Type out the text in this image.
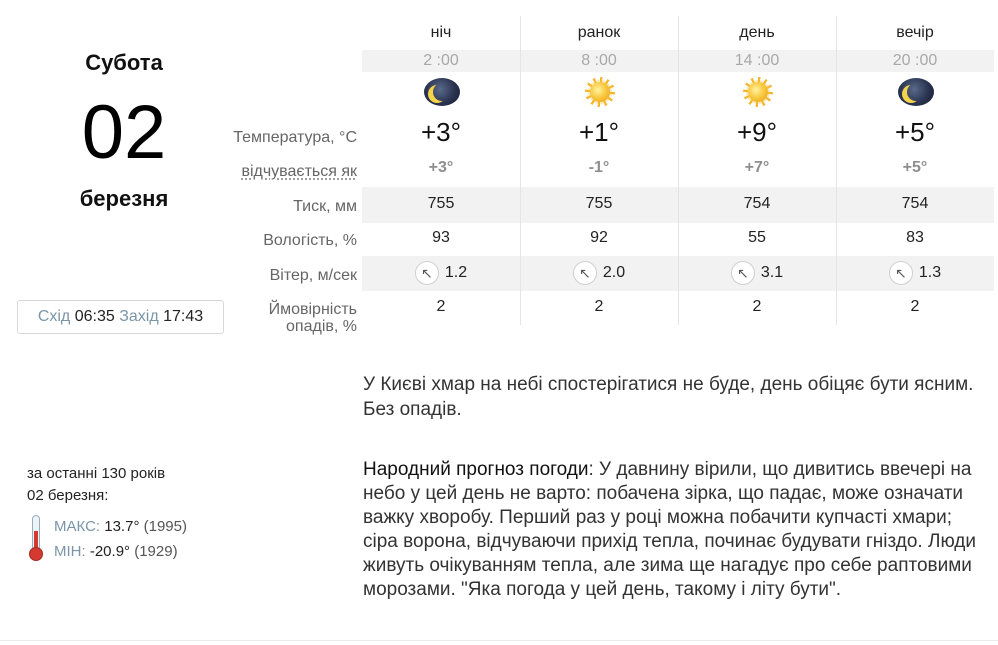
Субота
02
березня
Схід 06:35 Захід 17:43
Температура, °C
відчувається як
Тиск, мм
Вологість, %
Вітер, м/сек
Ймовірність
опадів, %
ніч
2 :00
+3°
+3°
755
93
↖ 1.2
2
ранок
8 :00
+1°
-1°
755
92
↖ 2.0
2
день
14 :00
+9°
+7°
754
55
↖ 3.1
2
вечір
20 :00
+5°
+5°
754
83
↖ 1.3
2
У Києві хмар на небі спостерігатися не буде, день обіцяє бути ясним. Без опадів.
Народний прогноз погоди: У давнину вірили, що дивитись ввечері на небо у цей день не варто: побачена зірка, що падає, може означати важку хворобу. Перший раз у році можна побачити купчасті хмари; сіра ворона, відчуваючи прихід тепла, починає будувати гніздо. Люди живуть очікуванням тепла, але зима ще нагадує про себе раптовими морозами. "Яка погода у цей день, такому і літу бути".
за останні 130 років
02 березня:
МАКС: 13.7° (1995)
МІН: -20.9° (1929)
